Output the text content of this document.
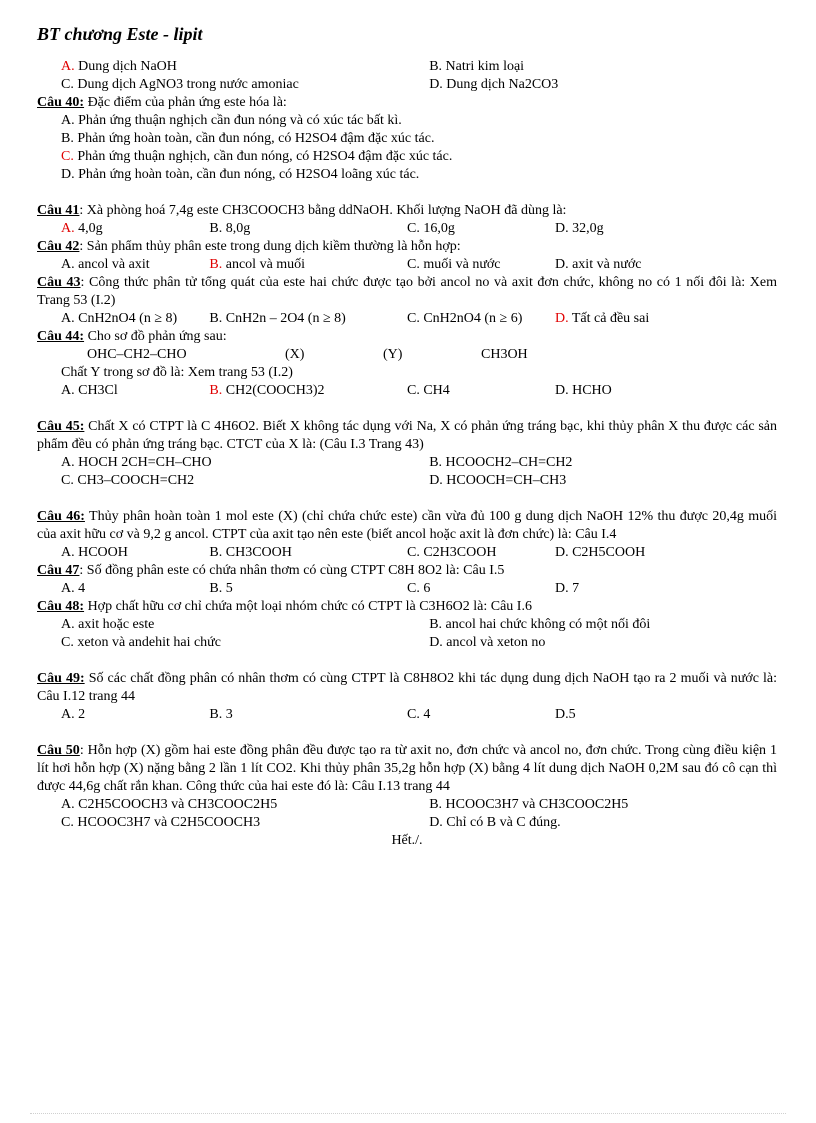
BT chương Este - lipit
A. Dung dịch NaOH	B. Natri kim loại
C. Dung dịch AgNO3 trong nước amoniac	D. Dung dịch Na2CO3
Câu 40: Đặc điểm của phản ứng este hóa là:
A. Phản ứng thuận nghịch cần đun nóng và có xúc tác bất kì.
B. Phản ứng hoàn toàn, cần đun nóng, có H2SO4 đậm đặc xúc tác.
C. Phản ứng thuận nghịch, cần đun nóng, có H2SO4 đậm đặc xúc tác.
D. Phản ứng hoàn toàn, cần đun nóng, có H2SO4 loãng xúc tác.
Câu 41: Xà phòng hoá 7,4g este CH3COOCH3 bằng ddNaOH. Khối lượng NaOH đã dùng là:
A. 4,0g	B. 8,0g	C. 16,0g	D. 32,0g
Câu 42: Sản phẩm thủy phân este trong dung dịch kiềm thường là hỗn hợp:
A. ancol và axit	B. ancol và muối	C. muối và nước	D. axit và nước
Câu 43: Công thức phân tử tổng quát của este hai chức được tạo bởi ancol no và axit đơn chức, không no có 1 nối đôi là: Xem Trang 53 (I.2)
A. CnH2nO4 (n ≥ 8)	B. CnH2n – 2O4 (n ≥ 8)	C. CnH2nO4 (n ≥ 6)	D. Tất cả đều sai
Câu 44: Cho sơ đồ phản ứng sau:
OHC–CH2–CHO	(X)	(Y)	CH3OH
Chất Y trong sơ đồ là: Xem trang 53 (I.2)
A. CH3Cl	B. CH2(COOCH3)2	C. CH4	D. HCHO
Câu 45: Chất X có CTPT là C 4H6O2. Biết X không tác dụng với Na, X có phản ứng tráng bạc, khi thủy phân X thu được các sản phẩm đều có phản ứng tráng bạc. CTCT của X là: (Câu I.3 Trang 43)
A. HOCH 2CH=CH–CHO	B. HCOOCH2–CH=CH2
C. CH3–COOCH=CH2	D. HCOOCH=CH–CH3
Câu 46: Thủy phân hoàn toàn 1 mol este (X) (chỉ chứa chức este) cần vừa đủ 100 g dung dịch NaOH 12% thu được 20,4g muối của axit hữu cơ và 9,2 g ancol. CTPT của axit tạo nên este (biết ancol hoặc axit là đơn chức) là: Câu I.4
A. HCOOH	B. CH3COOH	C. C2H3COOH	D. C2H5COOH
Câu 47: Số đồng phân este có chứa nhân thơm có cùng CTPT C8H 8O2 là: Câu I.5
A. 4	B. 5	C. 6	D. 7
Câu 48: Hợp chất hữu cơ chỉ chứa một loại nhóm chức có CTPT là C3H6O2 là: Câu I.6
A. axit hoặc este	B. ancol hai chức không có một nối đôi
C. xeton và andehit hai chức	D. ancol và xeton no
Câu 49: Số các chất đồng phân có nhân thơm có cùng CTPT là C8H8O2 khi tác dụng dung dịch NaOH tạo ra 2 muối và nước là: Câu I.12 trang 44
A. 2	B. 3	C. 4	D.5
Câu 50: Hỗn hợp (X) gồm hai este đồng phân đều được tạo ra từ axit no, đơn chức và ancol no, đơn chức. Trong cùng điều kiện 1 lít hơi hỗn hợp (X) nặng bằng 2 lần 1 lít CO2. Khi thủy phân 35,2g hỗn hợp (X) bằng 4 lít dung dịch NaOH 0,2M sau đó cô cạn thì được 44,6g chất rắn khan. Công thức của hai este đó là: Câu I.13 trang 44
A. C2H5COOCH3 và CH3COOC2H5	B. HCOOC3H7 và CH3COOC2H5
C. HCOOC3H7 và C2H5COOCH3	D. Chỉ có B và C đúng.
Hết./.
